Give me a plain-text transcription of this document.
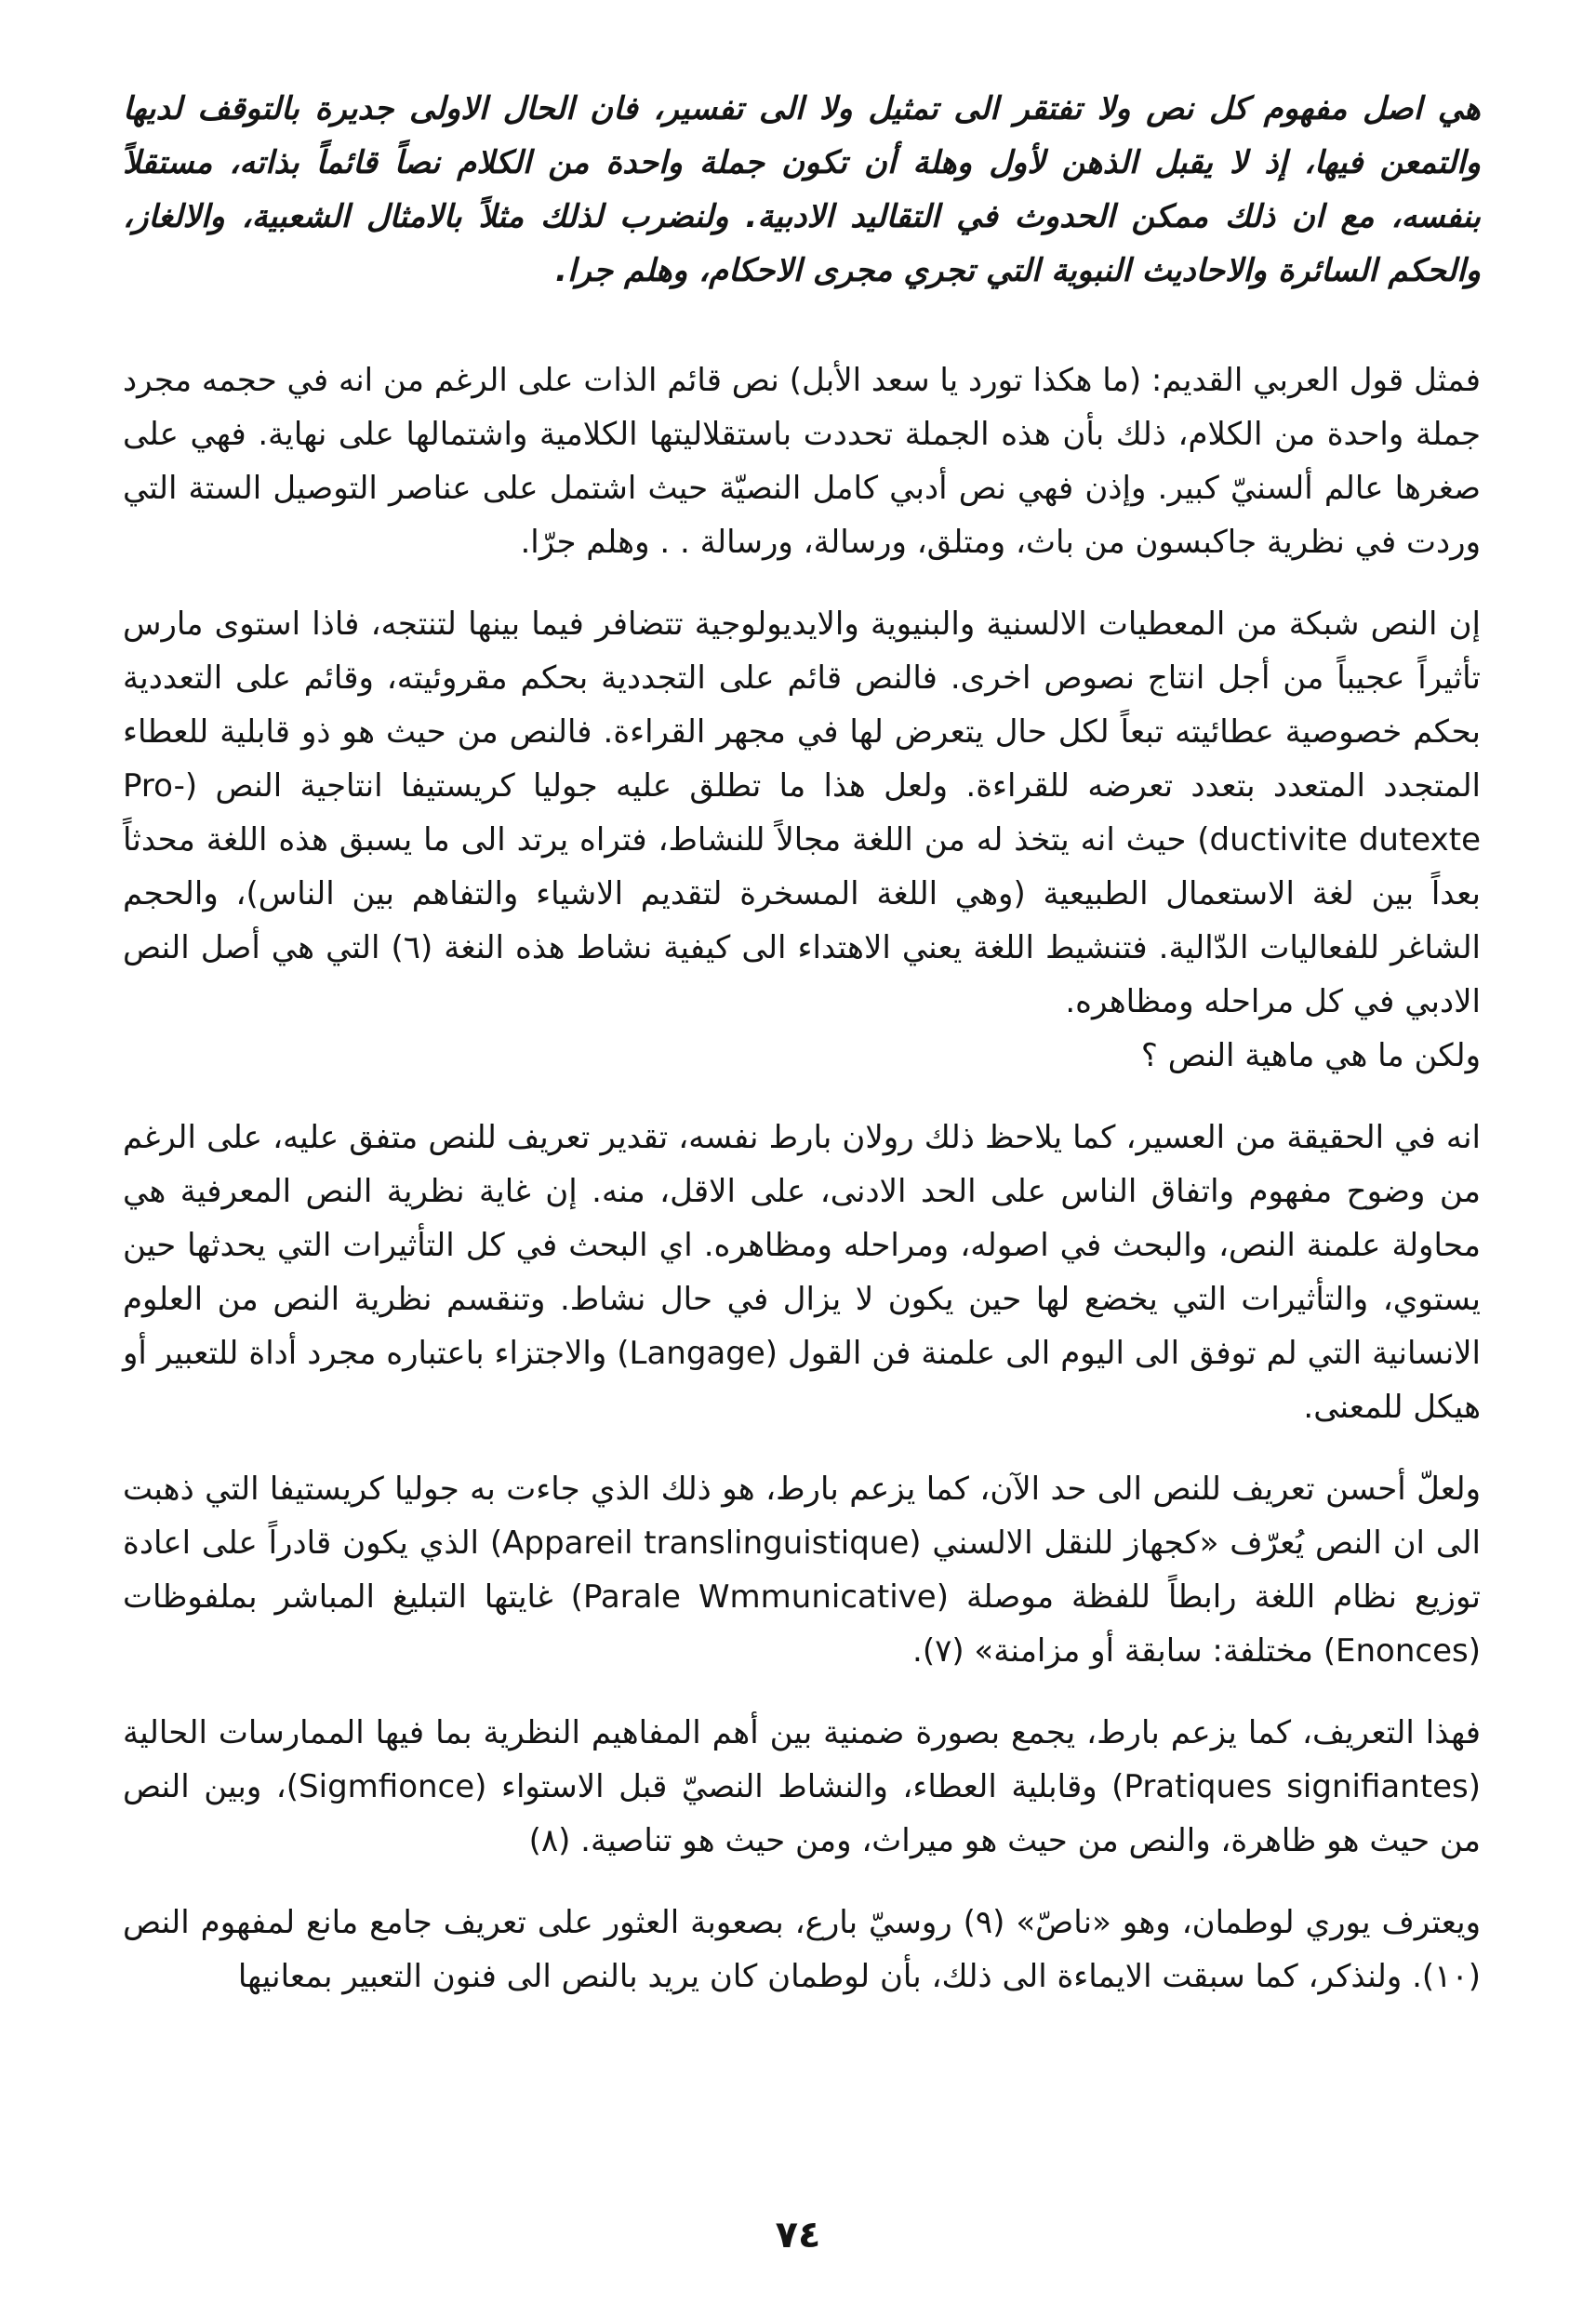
هي اصل مفهوم كل نص ولا تفتقر الى تمثيل ولا الى تفسير، فان الحال الاولى جديرة بالتوقف لديها والتمعن فيها، إذ لا يقبل الذهن لأول وهلة أن تكون جملة واحدة من الكلام نصاً قائماً بذاته، مستقلاً بنفسه، مع ان ذلك ممكن الحدوث في التقاليد الادبية. ولنضرب لذلك مثلاً بالامثال الشعبية، والالغاز، والحكم السائرة والاحاديث النبوية التي تجري مجرى الاحكام، وهلم جرا.

فمثل قول العربي القديم: (ما هكذا تورد يا سعد الأبل) نص قائم الذات على الرغم من انه في حجمه مجرد جملة واحدة من الكلام، ذلك بأن هذه الجملة تحددت باستقلاليتها الكلامية واشتمالها على نهاية. فهي على صغرها عالم ألسنيّ كبير. وإذن فهي نص أدبي كامل النصيّة حيث اشتمل على عناصر التوصيل الستة التي وردت في نظرية جاكبسون من باث، ومتلق، ورسالة، ورسالة . . وهلم جرّا.

إن النص شبكة من المعطيات الالسنية والبنيوية والايديولوجية تتضافر فيما بينها لتنتجه، فاذا استوى مارس تأثيراً عجيباً من أجل انتاج نصوص اخرى. فالنص قائم على التجددية بحكم مقروئيته، وقائم على التعددية بحكم خصوصية عطائيته تبعاً لكل حال يتعرض لها في مجهر القراءة. فالنص من حيث هو ذو قابلية للعطاء المتجدد المتعدد بتعدد تعرضه للقراءة. ولعل هذا ما تطلق عليه جوليا كريستيفا انتاجية النص (Pro-ductivite dutexte) حيث انه يتخذ له من اللغة مجالاً للنشاط، فتراه يرتد الى ما يسبق هذه اللغة محدثاً بعداً بين لغة الاستعمال الطبيعية (وهي اللغة المسخرة لتقديم الاشياء والتفاهم بين الناس)، والحجم الشاغر للفعاليات الدّالية. فتنشيط اللغة يعني الاهتداء الى كيفية نشاط هذه النغة (٦) التي هي أصل النص الادبي في كل مراحله ومظاهره.

ولكن ما هي ماهية النص ؟

انه في الحقيقة من العسير، كما يلاحظ ذلك رولان بارط نفسه، تقدير تعريف للنص متفق عليه، على الرغم من وضوح مفهوم واتفاق الناس على الحد الادنى، على الاقل، منه. إن غاية نظرية النص المعرفية هي محاولة علمنة النص، والبحث في اصوله، ومراحله ومظاهره. اي البحث في كل التأثيرات التي يحدثها حين يستوي، والتأثيرات التي يخضع لها حين يكون لا يزال في حال نشاط. وتنقسم نظرية النص من العلوم الانسانية التي لم توفق الى اليوم الى علمنة فن القول (Langage) والاجتزاء باعتباره مجرد أداة للتعبير أو هيكل للمعنى.

ولعلّ أحسن تعريف للنص الى حد الآن، كما يزعم بارط، هو ذلك الذي جاءت به جوليا كريستيفا التي ذهبت الى ان النص يُعرّف «كجهاز للنقل الالسني (Appareil translinguistique) الذي يكون قادراً على اعادة توزيع نظام اللغة رابطاً للفظة موصلة (Parale Wmmunicative) غايتها التبليغ المباشر بملفوظات (Enonces) مختلفة: سابقة أو مزامنة» (٧).

فهذا التعريف، كما يزعم بارط، يجمع بصورة ضمنية بين أهم المفاهيم النظرية بما فيها الممارسات الحالية (Pratiques signifiantes) وقابلية العطاء، والنشاط النصيّ قبل الاستواء (Sigmfionce)، وبين النص من حيث هو ظاهرة، والنص من حيث هو ميراث، ومن حيث هو تناصية. (٨)

ويعترف يوري لوطمان، وهو «ناصّ» (٩) روسيّ بارع، بصعوبة العثور على تعريف جامع مانع لمفهوم النص (١٠). ولنذكر، كما سبقت الايماءة الى ذلك، بأن لوطمان كان يريد بالنص الى فنون التعبير بمعانيها

٧٤
